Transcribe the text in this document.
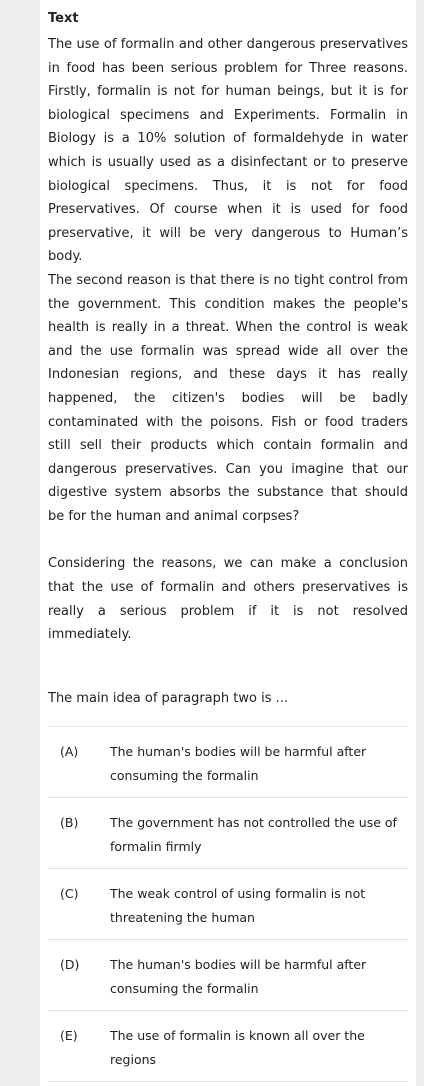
Text

The use of formalin and other dangerous preservatives in food has been serious problem for Three reasons. Firstly, formalin is not for human beings, but it is for biological specimens and Experiments. Formalin in Biology is a 10% solution of formaldehyde in water which is usually used as a disinfectant or to preserve biological specimens. Thus, it is not for food Preservatives. Of course when it is used for food preservative, it will be very dangerous to Human’s body.

The second reason is that there is no tight control from the government. This condition makes the people's health is really in a threat. When the control is weak and the use formalin was spread wide all over the Indonesian regions, and these days it has really happened, the citizen's bodies will be badly contaminated with the poisons. Fish or food traders still sell their products which contain formalin and dangerous preservatives. Can you imagine that our digestive system absorbs the substance that should be for the human and animal corpses?

Considering the reasons, we can make a conclusion that the use of formalin and others preservatives is really a serious problem if it is not resolved immediately.

The main idea of paragraph two is ...
(A)	The human's bodies will be harmful after consuming the formalin
(B)	The government has not controlled the use of formalin firmly
(C)	The weak control of using formalin is not threatening the human
(D)	The human's bodies will be harmful after consuming the formalin
(E)	The use of formalin is known all over the regions
